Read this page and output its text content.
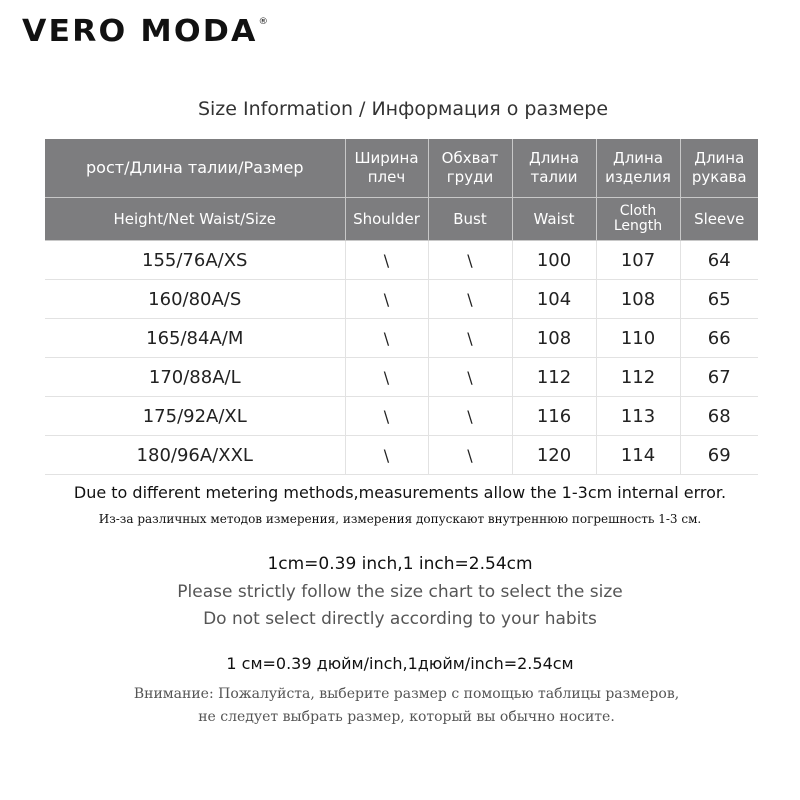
VERO MODA®
Size Information / Информация о размере
рост/Длина талии/Размер	Ширина плеч	Обхват груди	Длина талии	Длина изделия	Длина рукава
Height/Net Waist/Size	Shoulder	Bust	Waist	Cloth Length	Sleeve
155/76A/XS	\	\	100	107	64
160/80A/S	\	\	104	108	65
165/84A/M	\	\	108	110	66
170/88A/L	\	\	112	112	67
175/92A/XL	\	\	116	113	68
180/96A/XXL	\	\	120	114	69
Due to different metering methods,measurements allow the 1-3cm internal error.
Из-за различных методов измерения, измерения допускают внутреннюю погрешность 1-3 см.
1cm=0.39 inch,1 inch=2.54cm
Please strictly follow the size chart to select the size
Do not select directly according to your habits
1 см=0.39 дюйм/inch,1дюйм/inch=2.54см
Внимание: Пожалуйста, выберите размер с помощью таблицы размеров,
не следует выбрать размер, который вы обычно носите.
